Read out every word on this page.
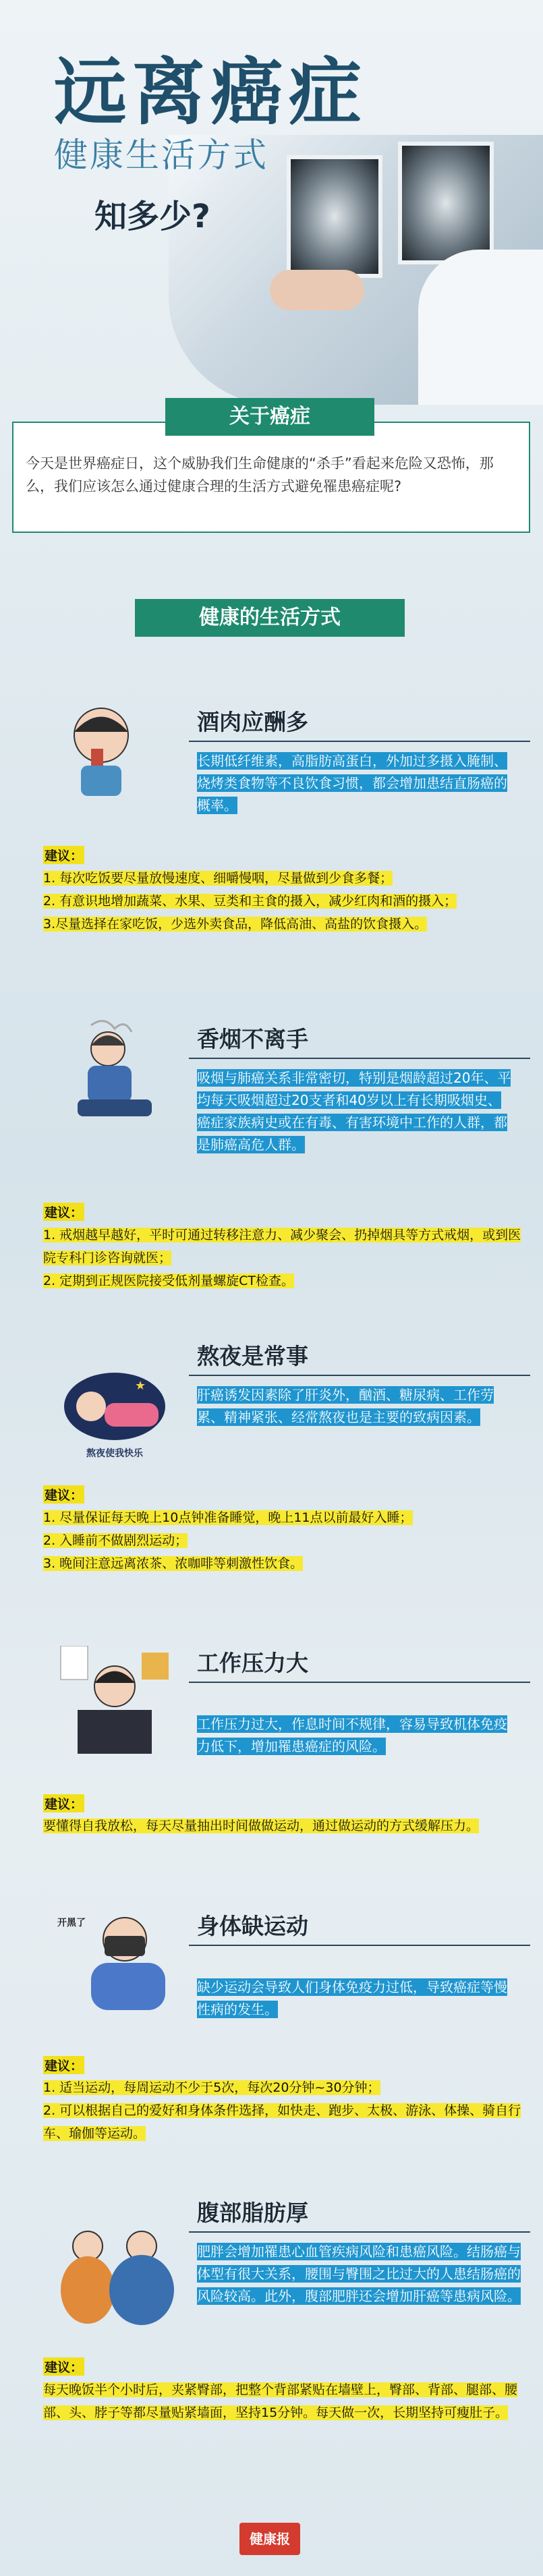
远离癌症
健康生活方式
知多少?
关于癌症
今天是世界癌症日，这个威胁我们生命健康的“杀手”看起来危险又恐怖，那么，我们应该怎么通过健康合理的生活方式避免罹患癌症呢?
健康的生活方式
酒肉应酬多
长期低纤维素，高脂肪高蛋白，外加过多摄入腌制、烧烤类食物等不良饮食习惯，都会增加患结直肠癌的概率。
建议：
1. 每次吃饭要尽量放慢速度、细嚼慢咽，尽量做到少食多餐；
2. 有意识地增加蔬菜、水果、豆类和主食的摄入，减少红肉和酒的摄入；
3.尽量选择在家吃饭，少选外卖食品，降低高油、高盐的饮食摄入。
香烟不离手
吸烟与肺癌关系非常密切，特别是烟龄超过20年、平均每天吸烟超过20支者和40岁以上有长期吸烟史、癌症家族病史或在有毒、有害环境中工作的人群，都是肺癌高危人群。
建议：
1. 戒烟越早越好，平时可通过转移注意力、减少聚会、扔掉烟具等方式戒烟，或到医院专科门诊咨询就医；
2. 定期到正规医院接受低剂量螺旋CT检查。
★
熬夜使我快乐
熬夜是常事
肝癌诱发因素除了肝炎外，酗酒、糖尿病、工作劳累、精神紧张、经常熬夜也是主要的致病因素。
建议：
1. 尽量保证每天晚上10点钟准备睡觉，晚上11点以前最好入睡；
2. 入睡前不做剧烈运动；
3. 晚间注意远离浓茶、浓咖啡等刺激性饮食。
工作压力大
工作压力过大，作息时间不规律，容易导致机体免疫力低下，增加罹患癌症的风险。
建议：
要懂得自我放松，每天尽量抽出时间做做运动，通过做运动的方式缓解压力。
开黑了	身体缺运动
缺少运动会导致人们身体免疫力过低，导致癌症等慢性病的发生。
建议：
1. 适当运动，每周运动不少于5次，每次20分钟~30分钟；
2. 可以根据自己的爱好和身体条件选择，如快走、跑步、太极、游泳、体操、骑自行车、瑜伽等运动。
腹部脂肪厚
肥胖会增加罹患心血管疾病风险和患癌风险。结肠癌与体型有很大关系，腰围与臀围之比过大的人患结肠癌的风险较高。此外，腹部肥胖还会增加肝癌等患病风险。
建议：
每天晚饭半个小时后，夹紧臀部，把整个背部紧贴在墙壁上，臀部、背部、腿部、腰部、头、脖子等都尽量贴紧墙面，坚持15分钟。每天做一次，长期坚持可瘦肚子。
健康报
